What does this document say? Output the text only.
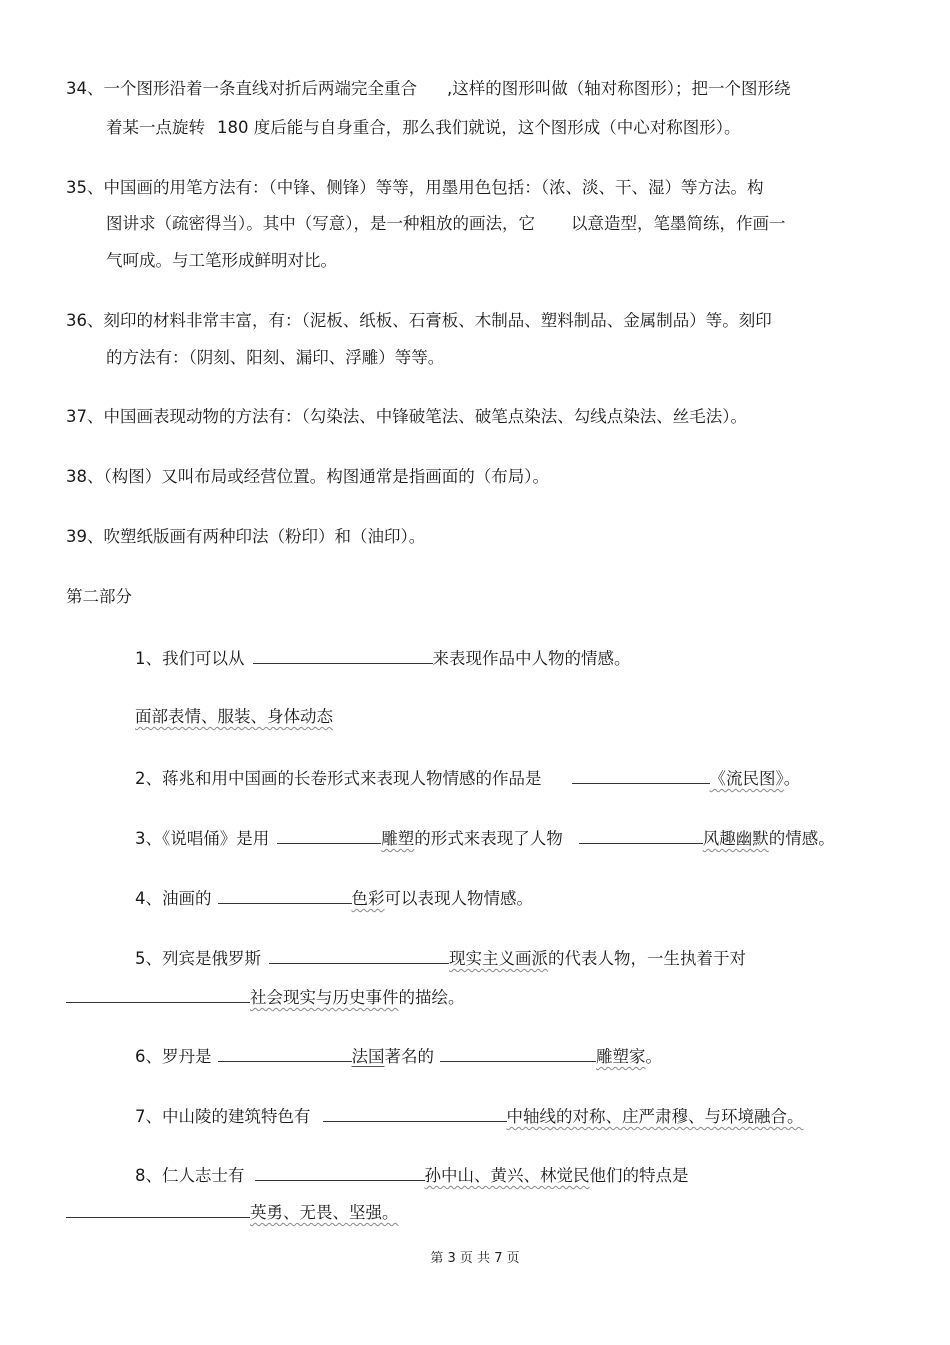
34、一个图形沿着一条直线对折后两端完全重合 ,这样的图形叫做（轴对称图形）；把一个图形绕
着某一点旋转 180 度后能与自身重合，那么我们就说，这个图形成（中心对称图形）。
35、中国画的用笔方法有：（中锋、侧锋）等等，用墨用色包括：（浓、淡、干、湿）等方法。构
图讲求（疏密得当）。其中（写意），是一种粗放的画法，它 以意造型，笔墨简练，作画一
气呵成。与工笔形成鲜明对比。
36、刻印的材料非常丰富，有：（泥板、纸板、石膏板、木制品、塑料制品、金属制品）等。刻印
的方法有：（阴刻、阳刻、漏印、浮雕）等等。
37、中国画表现动物的方法有：（勾染法、中锋破笔法、破笔点染法、勾线点染法、丝毛法）。
38、（构图）又叫布局或经营位置。构图通常是指画面的（布局）。
39、吹塑纸版画有两种印法（粉印）和（油印）。
第二部分
1、我们可以从	来表现作品中人物的情感。
面部表情、服装、身体动态
2、蒋兆和用中国画的长卷形式来表现人物情感的作品是	《流民图》。
3、《说唱俑》是用	雕塑的形式来表现了人物	风趣幽默的情感。
4、油画的	色彩可以表现人物情感。
5、列宾是俄罗斯	现实主义画派的代表人物，一生执着于对
社会现实与历史事件的描绘。
6、罗丹是	法国著名的	雕塑家。
7、中山陵的建筑特色有	中轴线的对称、庄严肃穆、与环境融合。
8、仁人志士有	孙中山、黄兴、林觉民他们的特点是
英勇、无畏、坚强。
第 3 页 共 7 页
